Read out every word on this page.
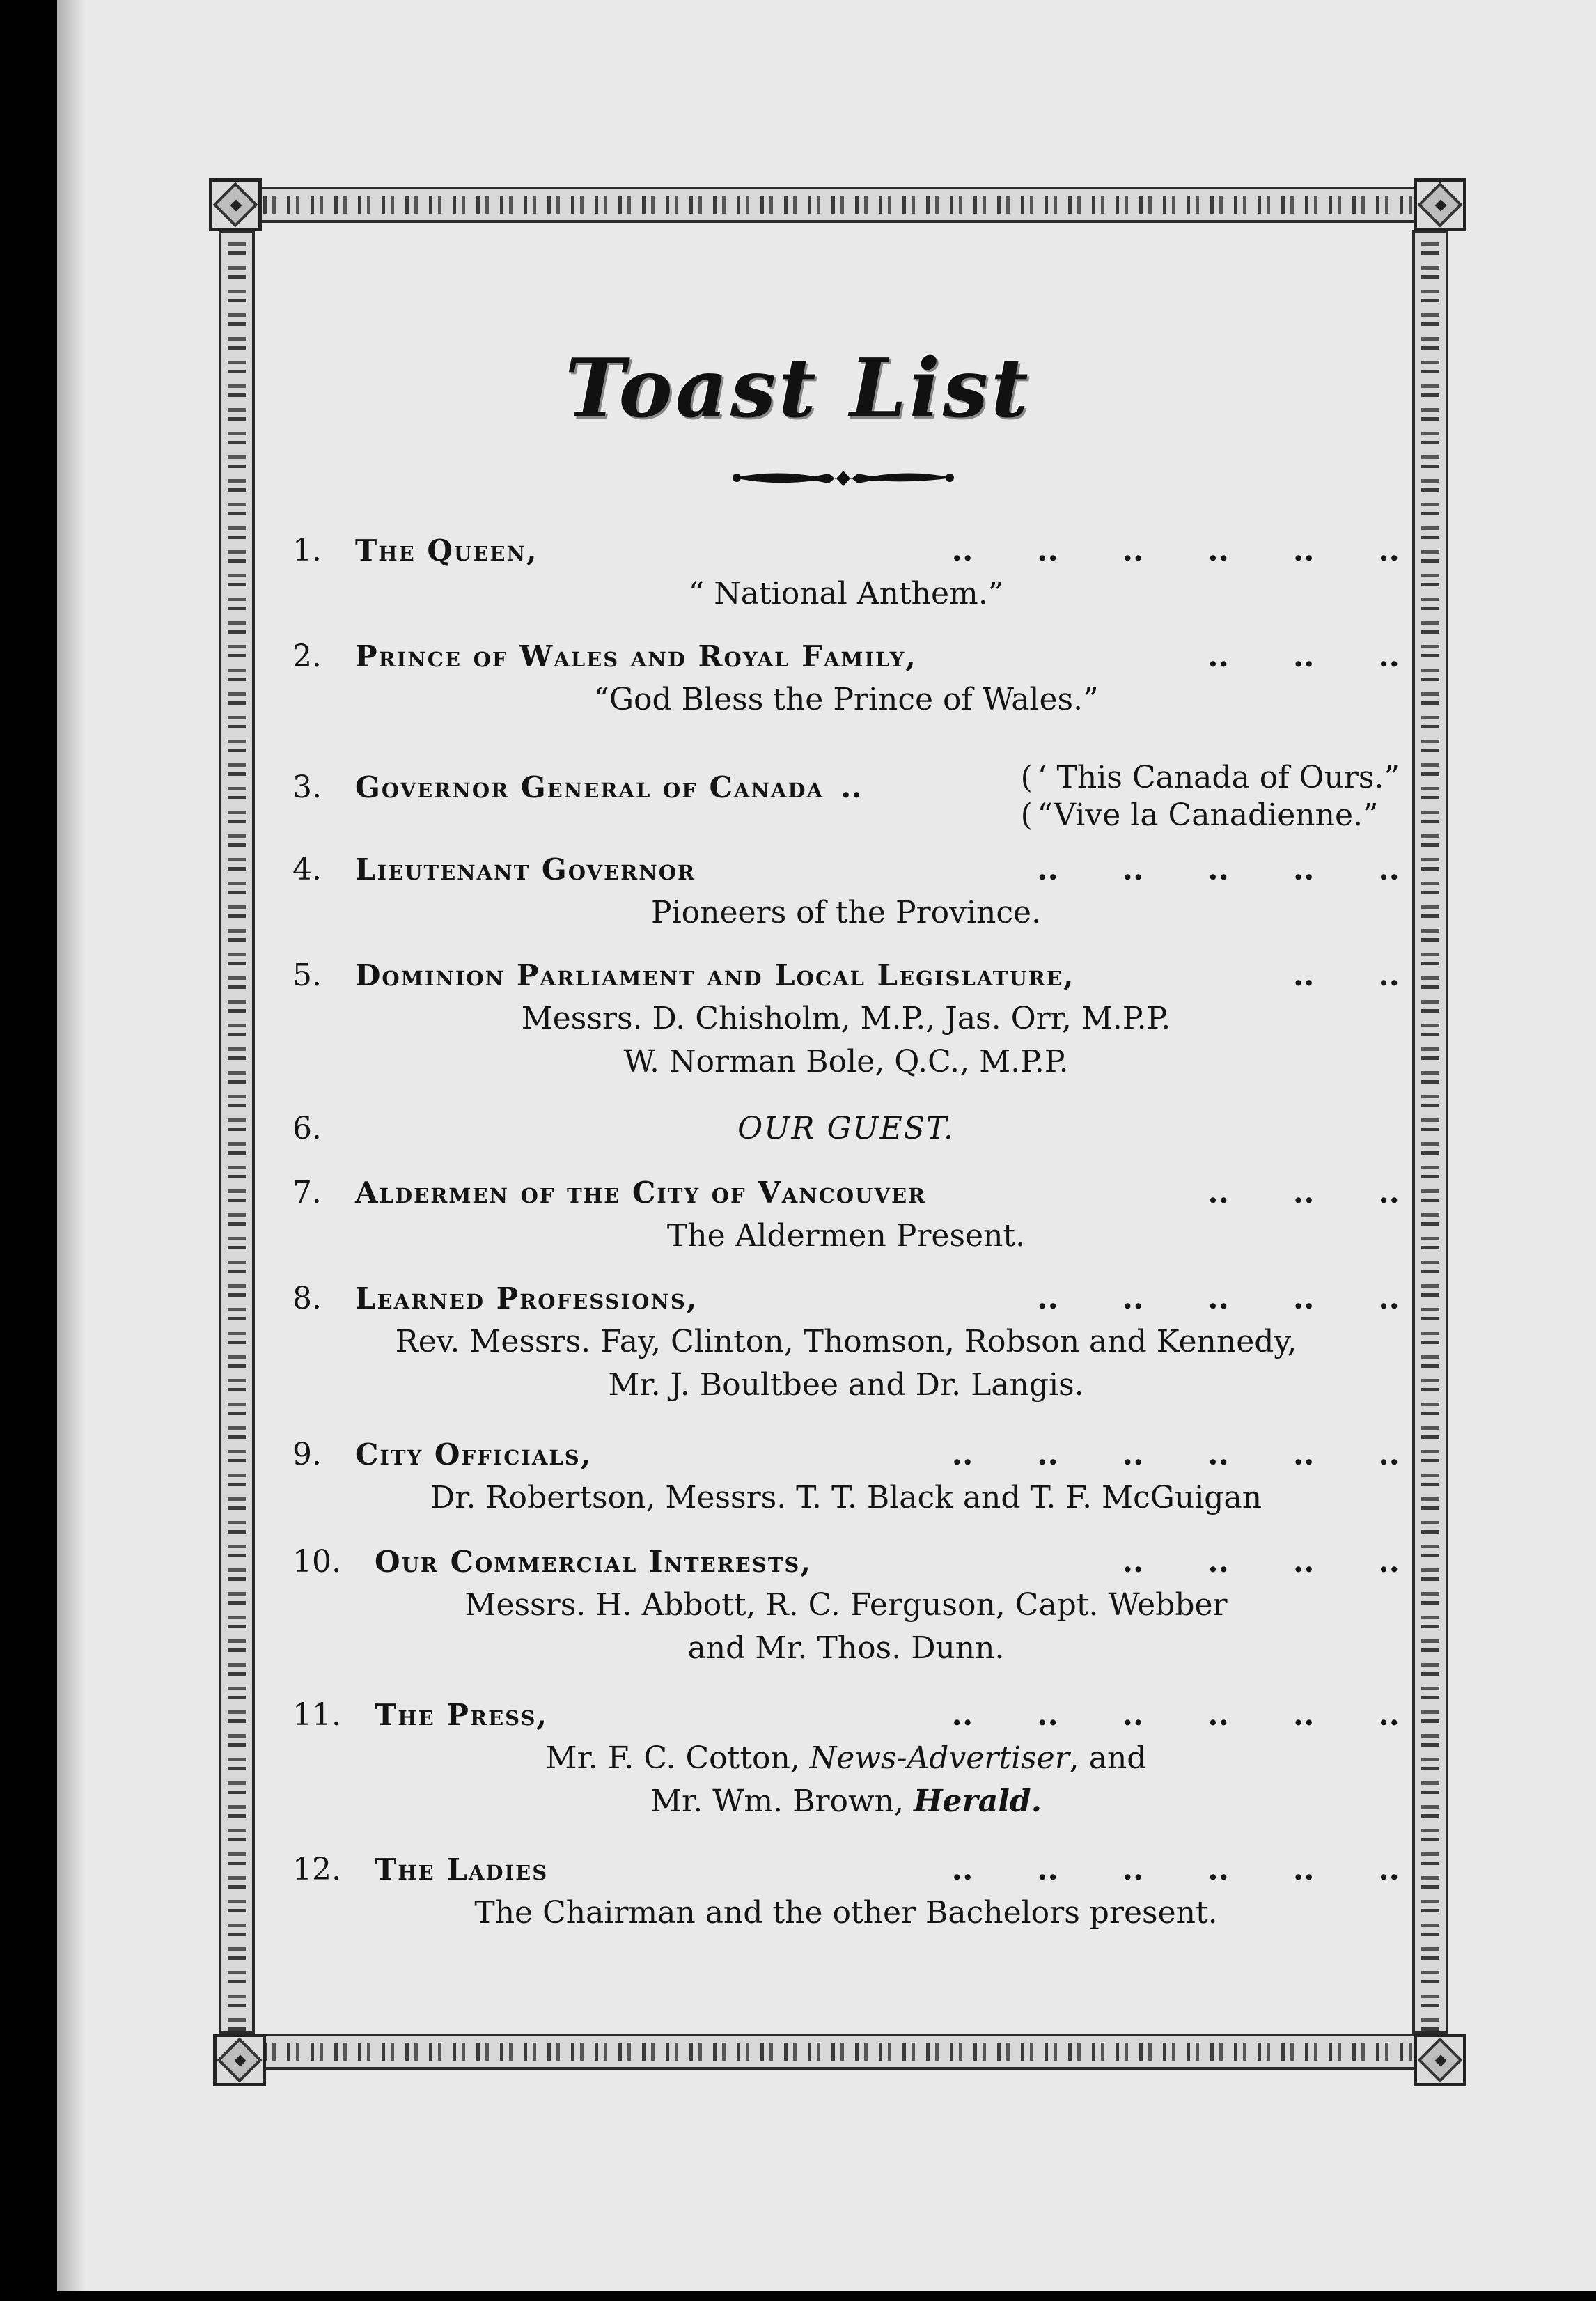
Toast List
1.	The Queen,	..      ..      ..      ..      ..      ..
“ National Anthem.”
2.	Prince of Wales and Royal Family,	..      ..      ..
“God Bless the Prince of Wales.”
3.	Governor General of Canada ..	( ‘ This Canada of Ours.”
( “Vive la Canadienne.”
4.	Lieutenant Governor	..      ..      ..      ..      ..
Pioneers of the Province.
5.	Dominion Parliament and Local Legislature,	..      ..
Messrs. D. Chisholm, M.P., Jas. Orr, M.P.P.
W. Norman Bole, Q.C., M.P.P.
6.	OUR GUEST.
7.	Aldermen of the City of Vancouver	..      ..      ..
The Aldermen Present.
8.	Learned Professions,	..      ..      ..      ..      ..
Rev. Messrs. Fay, Clinton, Thomson, Robson and Kennedy,
Mr. J. Boultbee and Dr. Langis.
9.	City Officials,	..      ..      ..      ..      ..      ..
Dr. Robertson, Messrs. T. T. Black and T. F. McGuigan
10.	Our Commercial Interests,	..      ..      ..      ..
Messrs. H. Abbott, R. C. Ferguson, Capt. Webber
and Mr. Thos. Dunn.
11.	The Press,	..      ..      ..      ..      ..      ..
Mr. F. C. Cotton, News-Advertiser, and
Mr. Wm. Brown, Herald.
12.	The Ladies	..      ..      ..      ..      ..      ..
The Chairman and the other Bachelors present.
